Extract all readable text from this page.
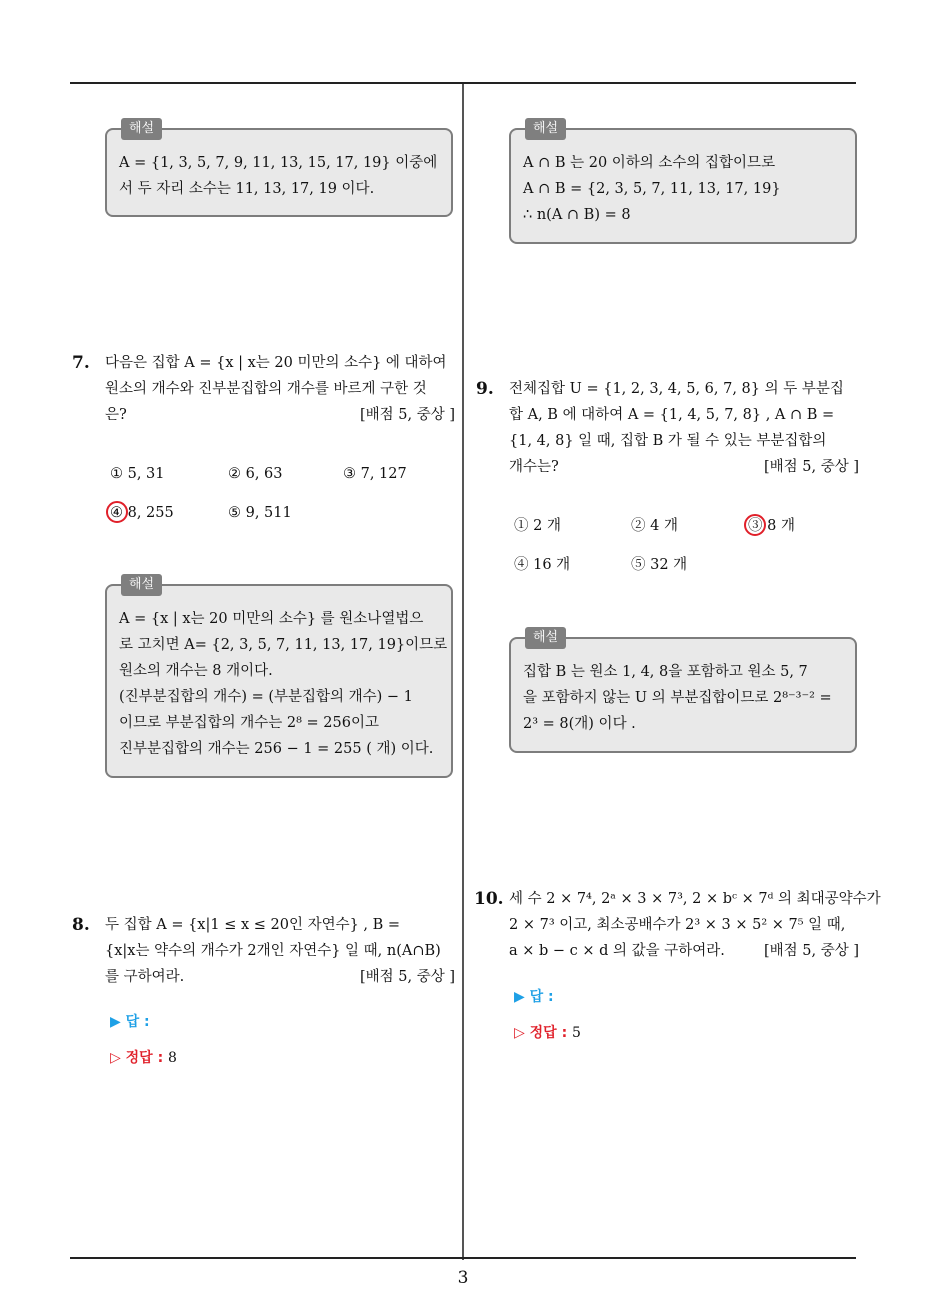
해설
A = {1, 3, 5, 7, 9, 11, 13, 15, 17, 19} 이중에
서 두 자리 소수는 11, 13, 17, 19 이다.
해설
A ∩ B 는 20 이하의 소수의 집합이므로
A ∩ B = {2, 3, 5, 7, 11, 13, 17, 19}
∴ n(A ∩ B) = 8
7. 다음은 집합 A = {x | x는 20 미만의 소수} 에 대하여
원소의 개수와 진부분집합의 개수를 바르게 구한 것
은?	[배점 5, 중상 ]
① 5, 31	② 6, 63	③ 7, 127
④ 8, 255	⑤ 9, 511
해설
A = {x | x는 20 미만의 소수} 를 원소나열법으
로 고치면 A= {2, 3, 5, 7, 11, 13, 17, 19}이므로
원소의 개수는 8 개이다.
(진부분집합의 개수) = (부분집합의 개수) − 1
이므로 부분집합의 개수는 2⁸ = 256이고
진부분집합의 개수는 256 − 1 = 255 ( 개) 이다.
8. 두 집합 A = {x|1 ≤ x ≤ 20인 자연수} , B =
{x|x는 약수의 개수가 2개인 자연수} 일 때, n(A∩B)
를 구하여라.	[배점 5, 중상 ]
▶ 답 :
▷ 정답 : 8
9. 전체집합 U = {1, 2, 3, 4, 5, 6, 7, 8} 의 두 부분집
합 A, B 에 대하여 A = {1, 4, 5, 7, 8} , A ∩ B =
{1, 4, 8} 일 때, 집합 B 가 될 수 있는 부분집합의
개수는?	[배점 5, 중상 ]
① 2 개	② 4 개	③ 8 개
④ 16 개	⑤ 32 개
해설
집합 B 는 원소 1, 4, 8을 포함하고 원소 5, 7
을 포함하지 않는 U 의 부분집합이므로 2⁸⁻³⁻² =
2³ = 8(개) 이다 .
10. 세 수 2 × 7⁴, 2ᵃ × 3 × 7³, 2 × bᶜ × 7ᵈ 의 최대공약수가
2 × 7³ 이고, 최소공배수가 2³ × 3 × 5² × 7⁵ 일 때,
a × b − c × d 의 값을 구하여라.	[배점 5, 중상 ]
▶ 답 :
▷ 정답 : 5
3
